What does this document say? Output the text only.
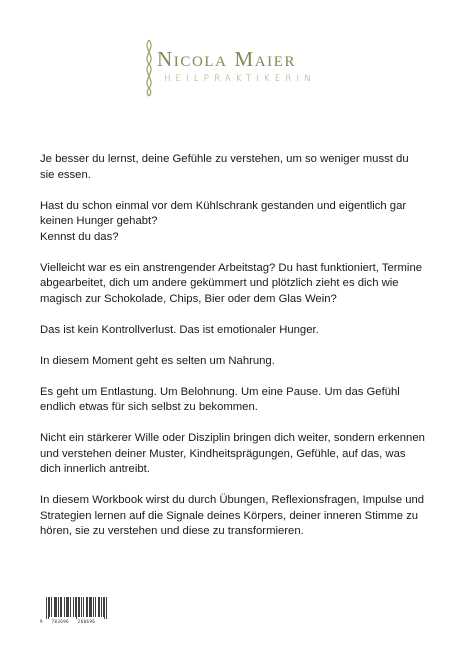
Nicola Maier
HEILPRAKTIKERIN

Je besser du lernst, deine Gefühle zu verstehen, um so weniger musst du sie essen.

Hast du schon einmal vor dem Kühlschrank gestanden und eigentlich gar keinen Hunger gehabt?
Kennst du das?

Vielleicht war es ein anstrengender Arbeitstag? Du hast funktioniert, Termine abgearbeitet, dich um andere gekümmert und plötzlich zieht es dich wie magisch zur Schokolade, Chips, Bier oder dem Glas Wein?

Das ist kein Kontrollverlust. Das ist emotionaler Hunger.

In diesem Moment geht es selten um Nahrung.

Es geht um Entlastung. Um Belohnung. Um eine Pause. Um das Gefühl endlich etwas für sich selbst zu bekommen.

Nicht ein stärkerer Wille oder Disziplin bringen dich weiter, sondern erkennen und verstehen deiner Muster, Kindheitsprägungen, Gefühle, auf das, was dich innerlich antreibt.

In diesem Workbook wirst du durch Übungen, Reflexionsfragen, Impulse und Strategien lernen auf die Signale deines Körpers, deiner inneren Stimme zu hören, sie zu verstehen und diese zu transformieren.

9   783696   260696
